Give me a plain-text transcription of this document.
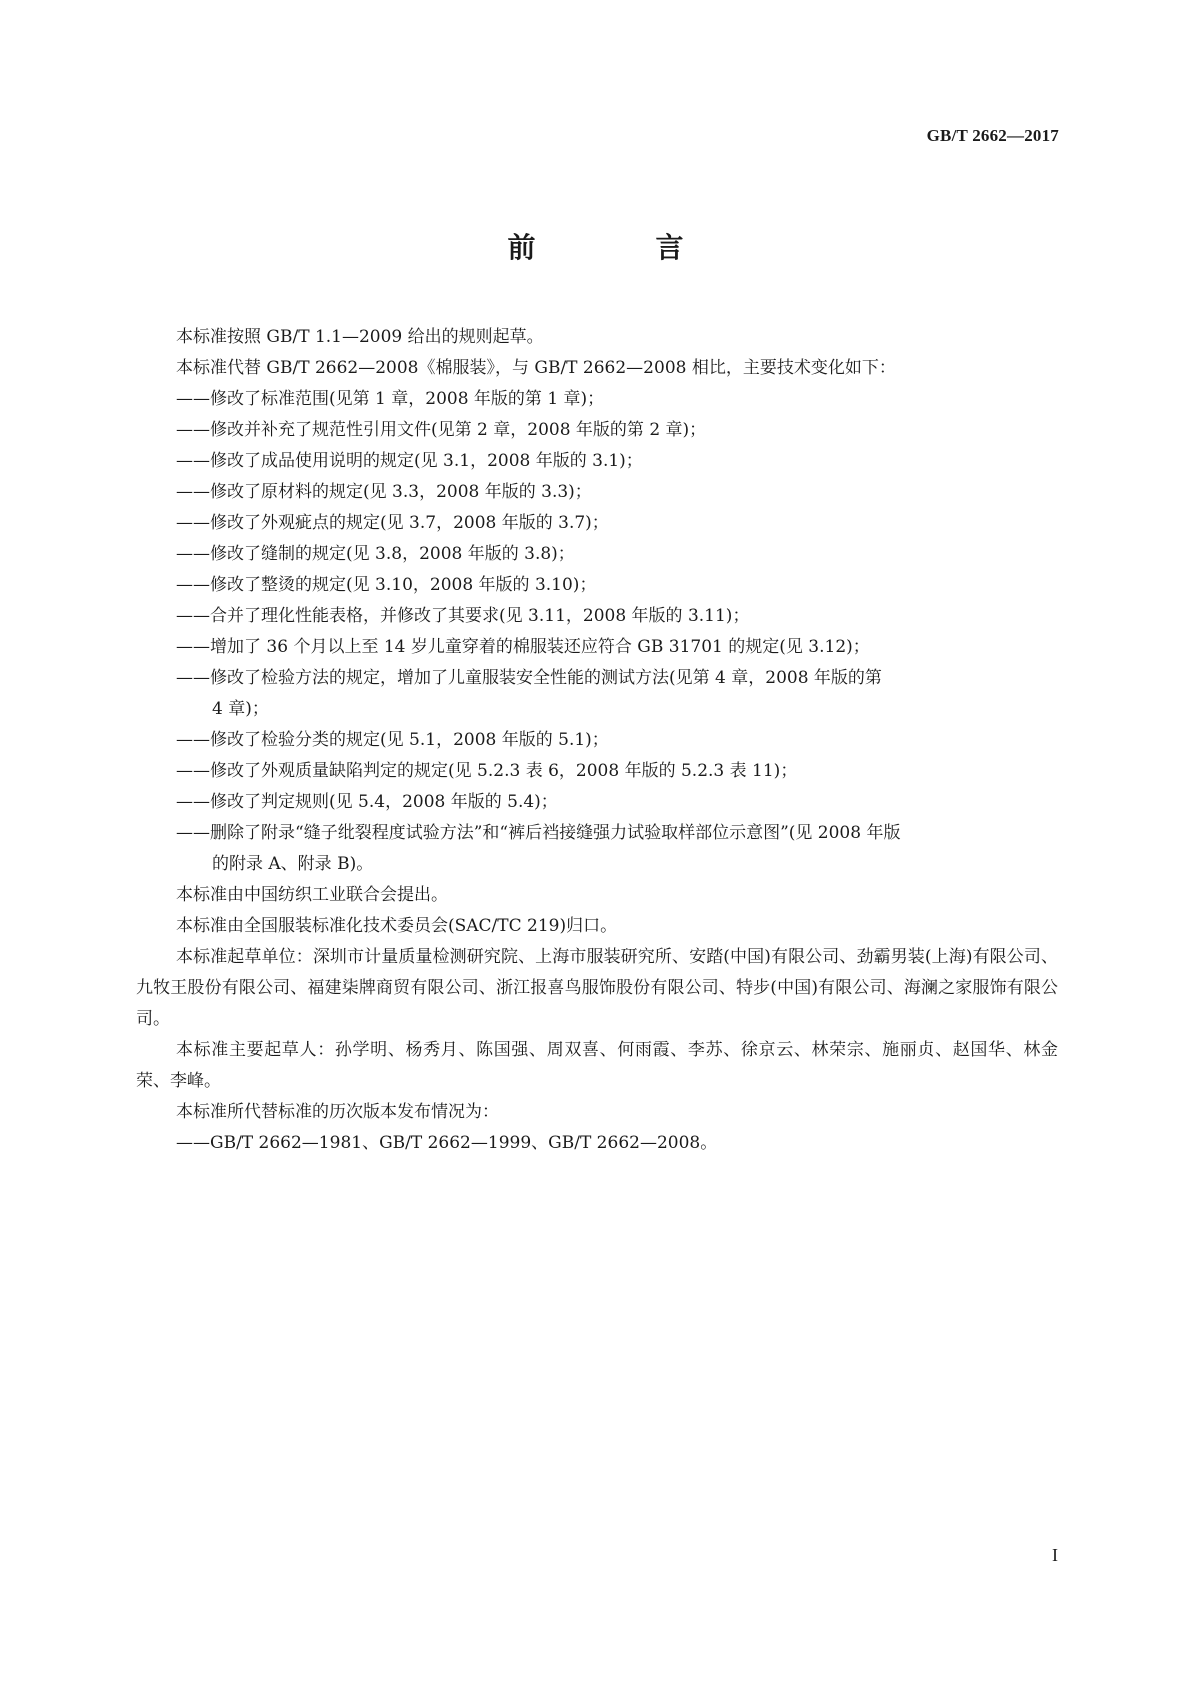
GB/T 2662—2017
前　言

本标准按照 GB/T 1.1—2009 给出的规则起草。

本标准代替 GB/T 2662—2008《棉服装》，与 GB/T 2662—2008 相比，主要技术变化如下：

——修改了标准范围(见第 1 章，2008 年版的第 1 章)；

——修改并补充了规范性引用文件(见第 2 章，2008 年版的第 2 章)；

——修改了成品使用说明的规定(见 3.1，2008 年版的 3.1)；

——修改了原材料的规定(见 3.3，2008 年版的 3.3)；

——修改了外观疵点的规定(见 3.7，2008 年版的 3.7)；

——修改了缝制的规定(见 3.8，2008 年版的 3.8)；

——修改了整烫的规定(见 3.10，2008 年版的 3.10)；

——合并了理化性能表格，并修改了其要求(见 3.11，2008 年版的 3.11)；

——增加了 36 个月以上至 14 岁儿童穿着的棉服装还应符合 GB 31701 的规定(见 3.12)；

——修改了检验方法的规定，增加了儿童服装安全性能的测试方法(见第 4 章，2008 年版的第
4 章)；

——修改了检验分类的规定(见 5.1，2008 年版的 5.1)；

——修改了外观质量缺陷判定的规定(见 5.2.3 表 6，2008 年版的 5.2.3 表 11)；

——修改了判定规则(见 5.4，2008 年版的 5.4)；

——删除了附录“缝子纰裂程度试验方法”和“裤后裆接缝强力试验取样部位示意图”(见 2008 年版
的附录 A、附录 B)。

本标准由中国纺织工业联合会提出。

本标准由全国服装标准化技术委员会(SAC/TC 219)归口。

本标准起草单位：深圳市计量质量检测研究院、上海市服装研究所、安踏(中国)有限公司、劲霸男装(上海)有限公司、九牧王股份有限公司、福建柒牌商贸有限公司、浙江报喜鸟服饰股份有限公司、特步(中国)有限公司、海澜之家服饰有限公司。

本标准主要起草人：孙学明、杨秀月、陈国强、周双喜、何雨霞、李苏、徐京云、林荣宗、施丽贞、赵国华、林金荣、李峰。

本标准所代替标准的历次版本发布情况为：

——GB/T 2662—1981、GB/T 2662—1999、GB/T 2662—2008。

I
